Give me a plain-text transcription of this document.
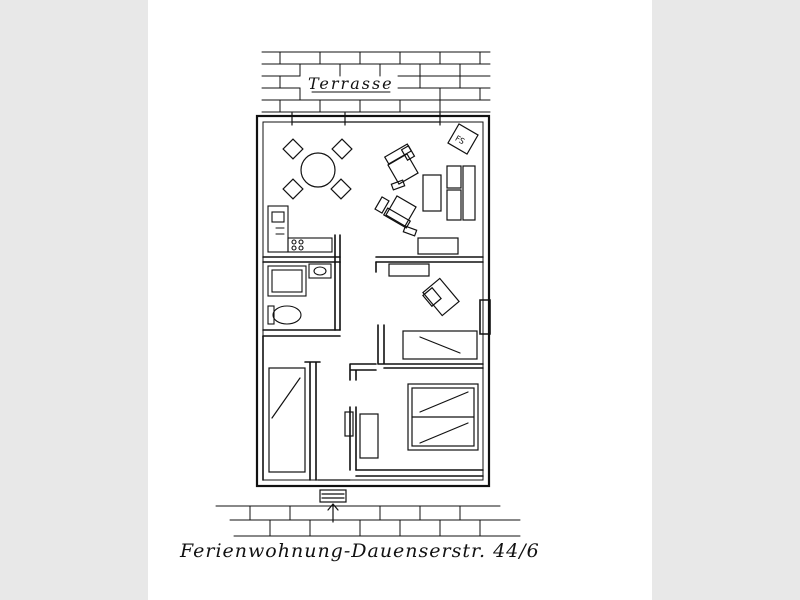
Terrasse
FS
Ferienwohnung-Dauenserstr. 44/6
